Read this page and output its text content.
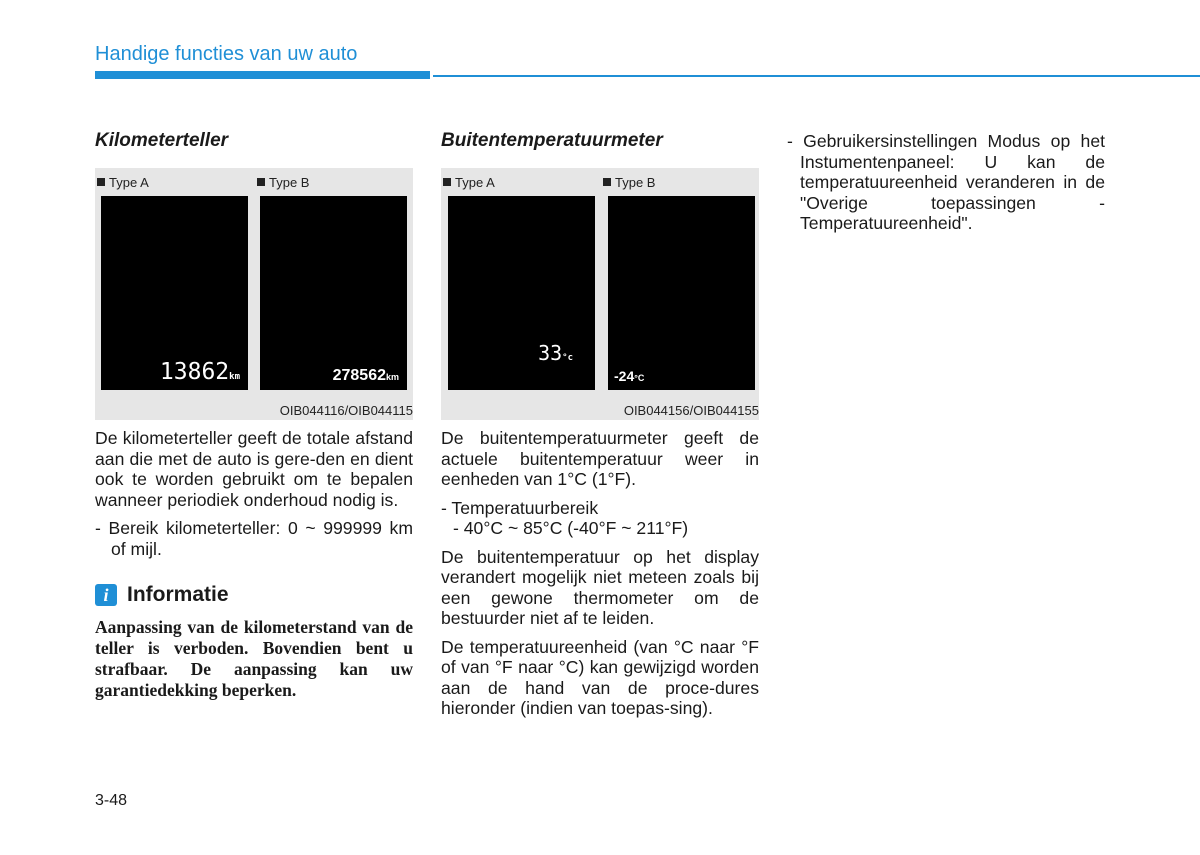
Handige functies van uw auto
Kilometerteller
Type A	Type B
13862km	278562km
OIB044116/OIB044115

De kilometerteller geeft de totale afstand aan die met de auto is gere-den en dient ook te worden gebruikt om te bepalen wanneer periodiek onderhoud nodig is.

- Bereik kilometerteller: 0 ~ 999999 km of mijl.
i Informatie
Aanpassing van de kilometerstand van de teller is verboden. Bovendien bent u strafbaar. De aanpassing kan uw garantiedekking beperken.
Buitentemperatuurmeter
Type A	Type B
33°c
-24°C
OIB044156/OIB044155

De buitentemperatuurmeter geeft de actuele buitentemperatuur weer in eenheden van 1°C (1°F).

- Temperatuurbereik
- 40°C ~ 85°C (-40°F ~ 211°F)

De buitentemperatuur op het display verandert mogelijk niet meteen zoals bij een gewone thermometer om de bestuurder niet af te leiden.

De temperatuureenheid (van °C naar °F of van °F naar °C) kan gewijzigd worden aan de hand van de proce-dures hieronder (indien van toepas-sing).

- Gebruikersinstellingen Modus op het Instumentenpaneel: U kan de temperatuureenheid veranderen in de "Overige toepassingen - Temperatuureenheid".
3-48
